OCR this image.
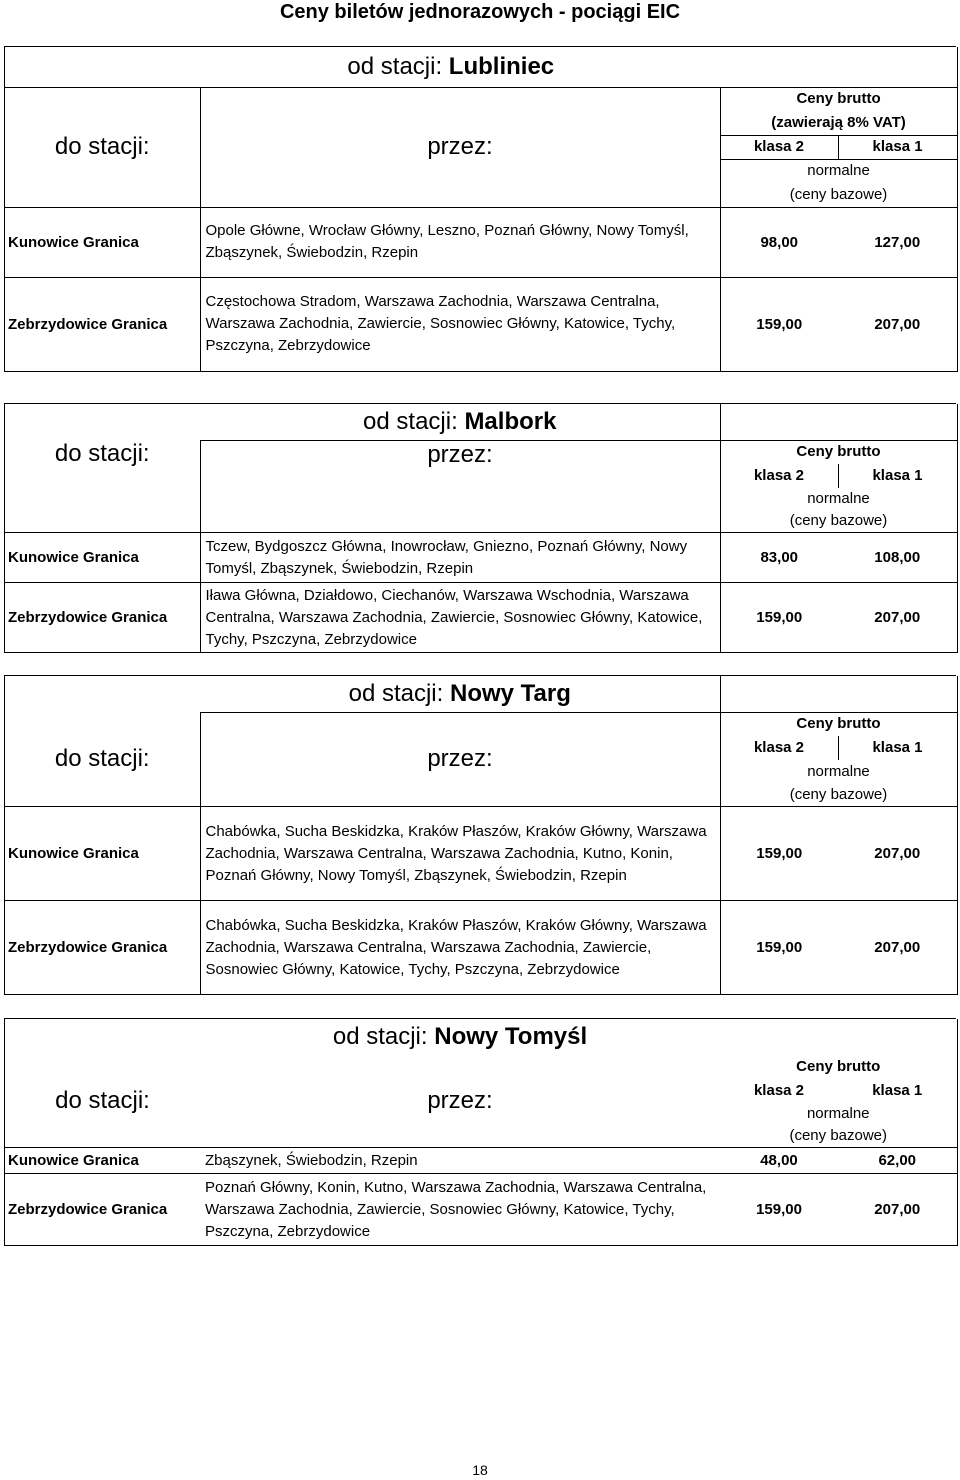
Ceny biletów jednorazowych - pociągi EIC
od stacji: Lubliniec			
do stacji:	przez:	Ceny brutto	
		(zawierają 8% VAT)	
		klasa 2	klasa 1
		normalne	
		(ceny bazowe)	
Kunowice Granica	Opole Główne, Wrocław Główny, Leszno, Poznań Główny, Nowy Tomyśl, Zbąszynek, Świebodzin, Rzepin	98,00	127,00
Zebrzydowice Granica	Częstochowa Stradom, Warszawa Zachodnia, Warszawa Centralna, Warszawa Zachodnia, Zawiercie, Sosnowiec Główny, Katowice, Tychy, Pszczyna, Zebrzydowice	159,00	207,00
	od stacji: Malbork		
do stacji:	przez:	Ceny brutto	
		klasa 2	klasa 1
		normalne	
		(ceny bazowe)	
Kunowice Granica	Tczew, Bydgoszcz Główna, Inowrocław, Gniezno, Poznań Główny, Nowy Tomyśl, Zbąszynek, Świebodzin, Rzepin	83,00	108,00
Zebrzydowice Granica	Iława Główna, Działdowo, Ciechanów, Warszawa Wschodnia, Warszawa Centralna, Warszawa Zachodnia, Zawiercie, Sosnowiec Główny, Katowice, Tychy, Pszczyna, Zebrzydowice	159,00	207,00
	od stacji: Nowy Targ		
do stacji:	przez:	Ceny brutto	
		klasa 2	klasa 1
		normalne	
		(ceny bazowe)	
Kunowice Granica	Chabówka, Sucha Beskidzka, Kraków Płaszów, Kraków Główny, Warszawa Zachodnia, Warszawa Centralna, Warszawa Zachodnia, Kutno, Konin, Poznań Główny, Nowy Tomyśl, Zbąszynek, Świebodzin, Rzepin	159,00	207,00
Zebrzydowice Granica	Chabówka, Sucha Beskidzka, Kraków Płaszów, Kraków Główny, Warszawa Zachodnia, Warszawa Centralna, Warszawa Zachodnia, Zawiercie, Sosnowiec Główny, Katowice, Tychy, Pszczyna, Zebrzydowice	159,00	207,00
	od stacji: Nowy Tomyśl		
do stacji:	przez:	Ceny brutto	
		klasa 2	klasa 1
		normalne	
		(ceny bazowe)	
Kunowice Granica	Zbąszynek, Świebodzin, Rzepin	48,00	62,00
Zebrzydowice Granica	Poznań Główny, Konin, Kutno, Warszawa Zachodnia, Warszawa Centralna, Warszawa Zachodnia, Zawiercie, Sosnowiec Główny, Katowice, Tychy, Pszczyna, Zebrzydowice	159,00	207,00
18
